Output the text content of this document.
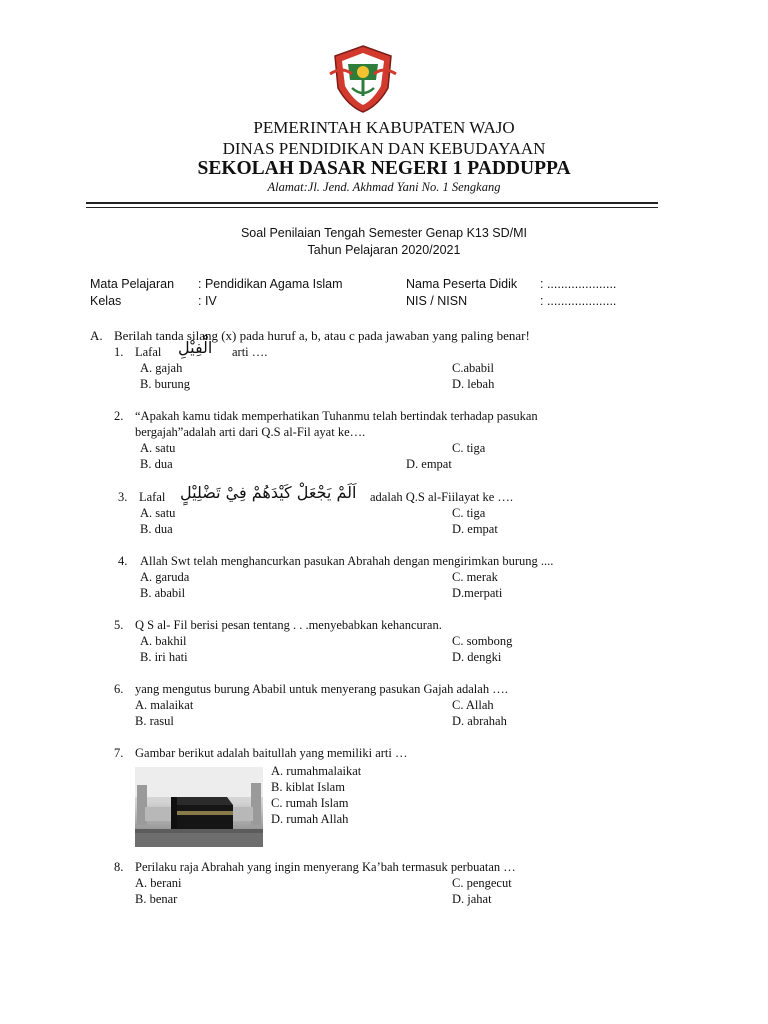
PEMERINTAH KABUPATEN WAJO
DINAS PENDIDIKAN DAN KEBUDAYAAN
SEKOLAH DASAR NEGERI 1 PADDUPPA
Alamat:Jl. Jend. Akhmad Yani No. 1 Sengkang
Soal Penilaian Tengah Semester Genap K13 SD/MI
Tahun Pelajaran 2020/2021
Mata Pelajaran : Pendidikan Agama Islam
Kelas	: IV
Nama Peserta Didik : ....................
NIS / NISN	: ....................
A. Berilah tanda silang (x) pada huruf a, b, atau c pada jawaban yang paling benar!
1. Lafal الْفِيْلِ arti ….
A. gajah	C.ababil
B. burung	D. lebah
2. “Apakah kamu tidak memperhatikan Tuhanmu telah bertindak terhadap pasukan
bergajah”adalah arti dari Q.S al-Fil ayat ke….
A. satu	C. tiga
B. dua	D. empat
3. Lafal اَلَمْ يَجْعَلْ كَيْدَهُمْ فِيْ تَضْلِيْلٍ adalah Q.S al-Fiilayat ke ….
A. satu	C. tiga
B. dua	D. empat
4. Allah Swt telah menghancurkan pasukan Abrahah dengan mengirimkan burung ....
A. garuda	C. merak
B. ababil	D.merpati
5. Q S al- Fil berisi pesan tentang . . .menyebabkan kehancuran.
A. bakhil	C. sombong
B. iri hati	D. dengki
6. yang mengutus burung Ababil untuk menyerang pasukan Gajah adalah ….
A. malaikat	C. Allah
B. rasul	D. abrahah
7. Gambar berikut adalah baitullah yang memiliki arti …
A. rumahmalaikat
B. kiblat Islam
C. rumah Islam
D. rumah Allah
8. Perilaku raja Abrahah yang ingin menyerang Ka’bah termasuk perbuatan …
A. berani	C. pengecut
B. benar	D. jahat
